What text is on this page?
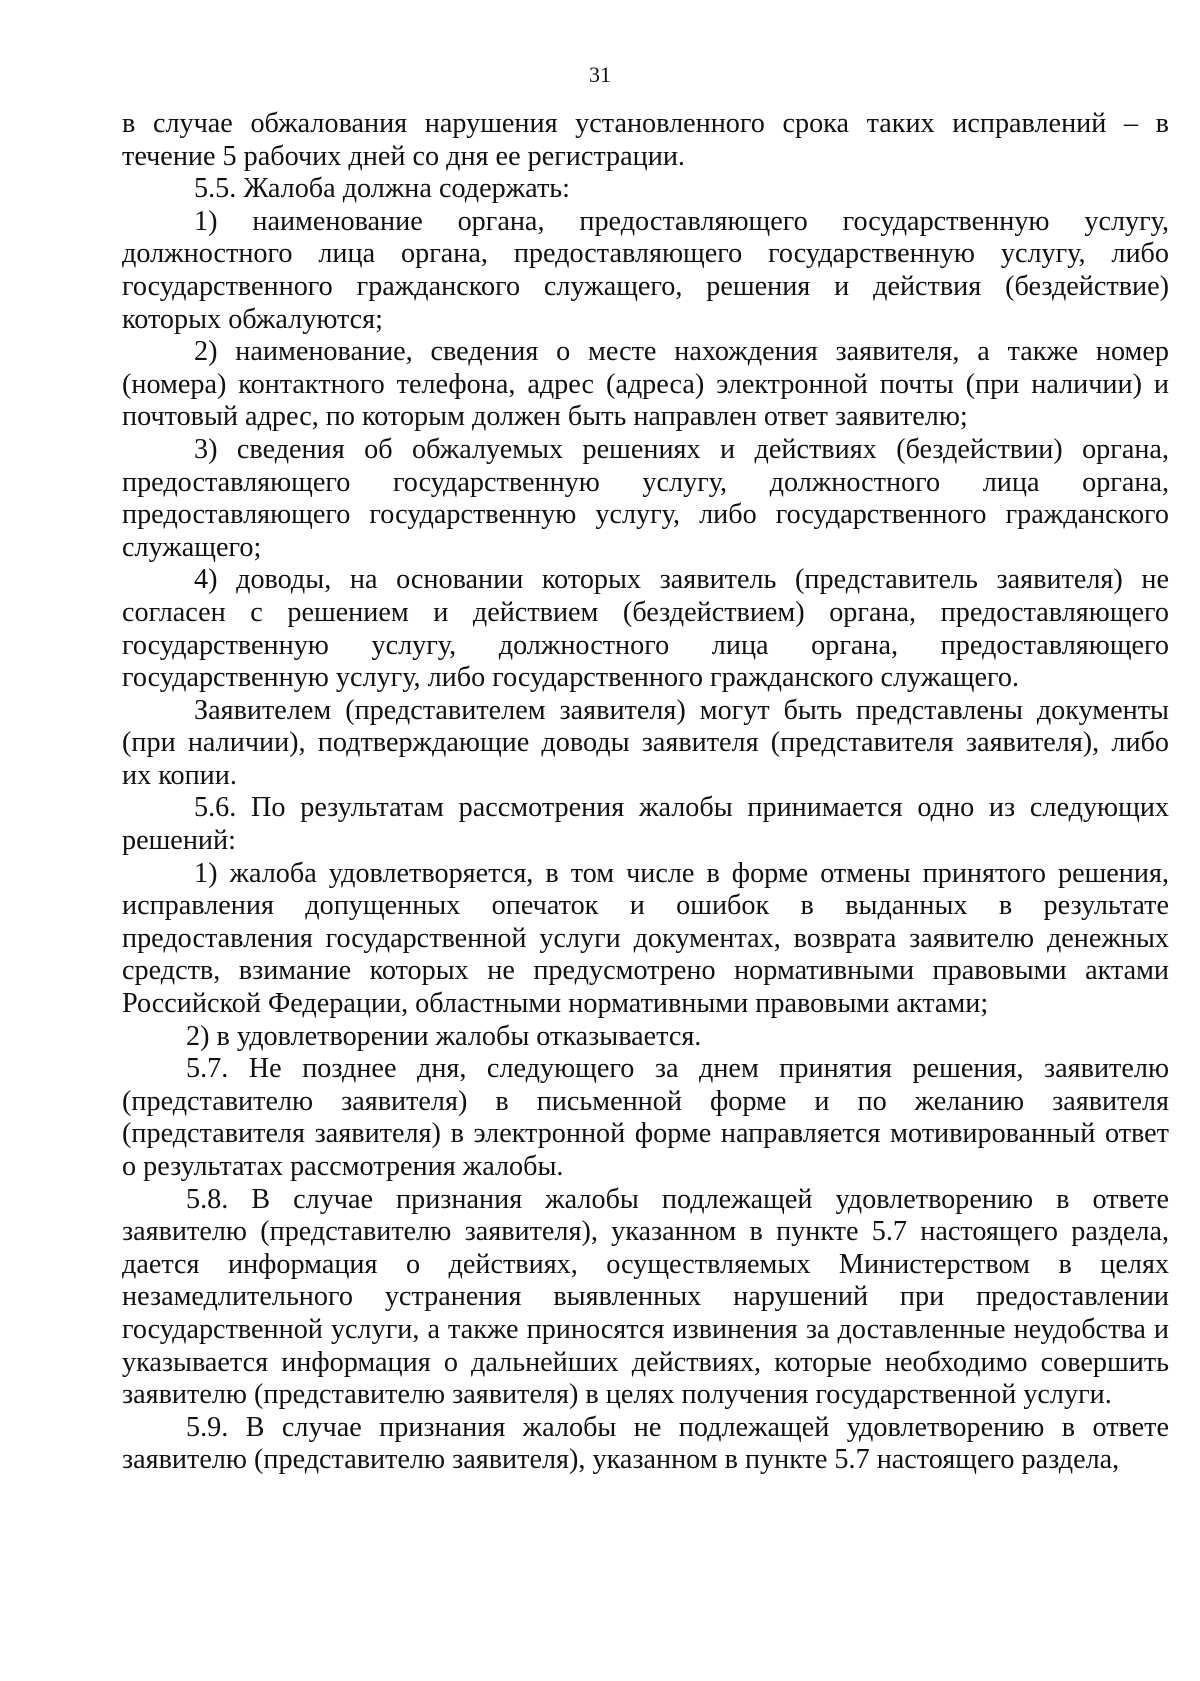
31

в случае обжалования нарушения установленного срока таких исправлений – в течение 5 рабочих дней со дня ее регистрации.

5.5. Жалоба должна содержать:

1) наименование органа, предоставляющего государственную услугу, должностного лица органа, предоставляющего государственную услугу, либо государственного гражданского служащего, решения и действия (бездействие) которых обжалуются;

2) наименование, сведения о месте нахождения заявителя, а также номер (номера) контактного телефона, адрес (адреса) электронной почты (при наличии) и почтовый адрес, по которым должен быть направлен ответ заявителю;

3) сведения об обжалуемых решениях и действиях (бездействии) органа, предоставляющего государственную услугу, должностного лица органа, предоставляющего государственную услугу, либо государственного гражданского служащего;

4) доводы, на основании которых заявитель (представитель заявителя) не согласен с решением и действием (бездействием) органа, предоставляющего государственную услугу, должностного лица органа, предоставляющего государственную услугу, либо государственного гражданского служащего.

Заявителем (представителем заявителя) могут быть представлены документы (при наличии), подтверждающие доводы заявителя (представителя заявителя), либо их копии.

5.6. По результатам рассмотрения жалобы принимается одно из следующих решений:

1) жалоба удовлетворяется, в том числе в форме отмены принятого решения, исправления допущенных опечаток и ошибок в выданных в результате предоставления государственной услуги документах, возврата заявителю денежных средств, взимание которых не предусмотрено нормативными правовыми актами Российской Федерации, областными нормативными правовыми актами;

2) в удовлетворении жалобы отказывается.

5.7. Не позднее дня, следующего за днем принятия решения, заявителю (представителю заявителя) в письменной форме и по желанию заявителя (представителя заявителя) в электронной форме направляется мотивированный ответ о результатах рассмотрения жалобы.

5.8. В случае признания жалобы подлежащей удовлетворению в ответе заявителю (представителю заявителя), указанном в пункте 5.7 настоящего раздела, дается информация о действиях, осуществляемых Министерством в целях незамедлительного устранения выявленных нарушений при предоставлении государственной услуги, а также приносятся извинения за доставленные неудобства и указывается информация о дальнейших действиях, которые необходимо совершить заявителю (представителю заявителя) в целях получения государственной услуги.

5.9. В случае признания жалобы не подлежащей удовлетворению в ответе заявителю (представителю заявителя), указанном в пункте 5.7 настоящего раздела,
